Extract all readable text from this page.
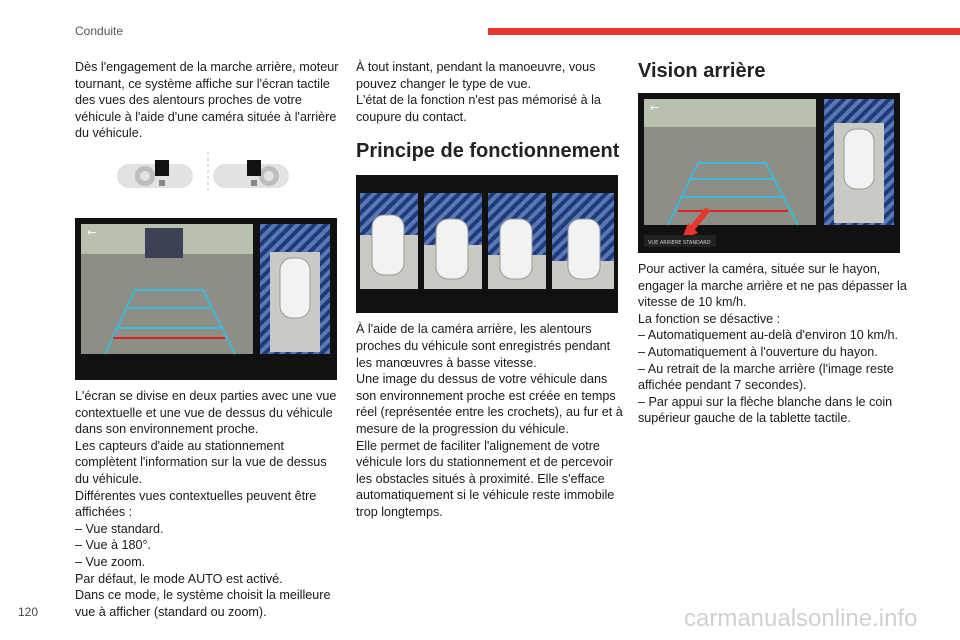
Conduite

Dès l'engagement de la marche arrière, moteur tournant, ce système affiche sur l'écran tactile des vues des alentours proches de votre véhicule à l'aide d'une caméra située à l'arrière du véhicule.

←

L'écran se divise en deux parties avec une vue contextuelle et une vue de dessus du véhicule dans son environnement proche.

Les capteurs d'aide au stationnement complètent l'information sur la vue de dessus du véhicule.

Différentes vues contextuelles peuvent être affichées :

– Vue standard.

– Vue à 180°.

– Vue zoom.

Par défaut, le mode AUTO est activé.

Dans ce mode, le système choisit la meilleure vue à afficher (standard ou zoom).

À tout instant, pendant la manoeuvre, vous pouvez changer le type de vue.

L'état de la fonction n'est pas mémorisé à la coupure du contact.

Principe de fonctionnement

À l'aide de la caméra arrière, les alentours proches du véhicule sont enregistrés pendant les manœuvres à basse vitesse.

Une image du dessus de votre véhicule dans son environnement proche est créée en temps réel (représentée entre les crochets), au fur et à mesure de la progression du véhicule.

Elle permet de faciliter l'alignement de votre véhicule lors du stationnement et de percevoir les obstacles situés à proximité. Elle s'efface automatiquement si le véhicule reste immobile trop longtemps.

Vision arrière
←
VUE ARRIERE STANDARD

Pour activer la caméra, située sur le hayon, engager la marche arrière et ne pas dépasser la vitesse de 10 km/h.

La fonction se désactive :

– Automatiquement au-delà d'environ 10 km/h.

– Automatiquement à l'ouverture du hayon.

– Au retrait de la marche arrière (l'image reste affichée pendant 7 secondes).

– Par appui sur la flèche blanche dans le coin supérieur gauche de la tablette tactile.

120	carmanualsonline.info
